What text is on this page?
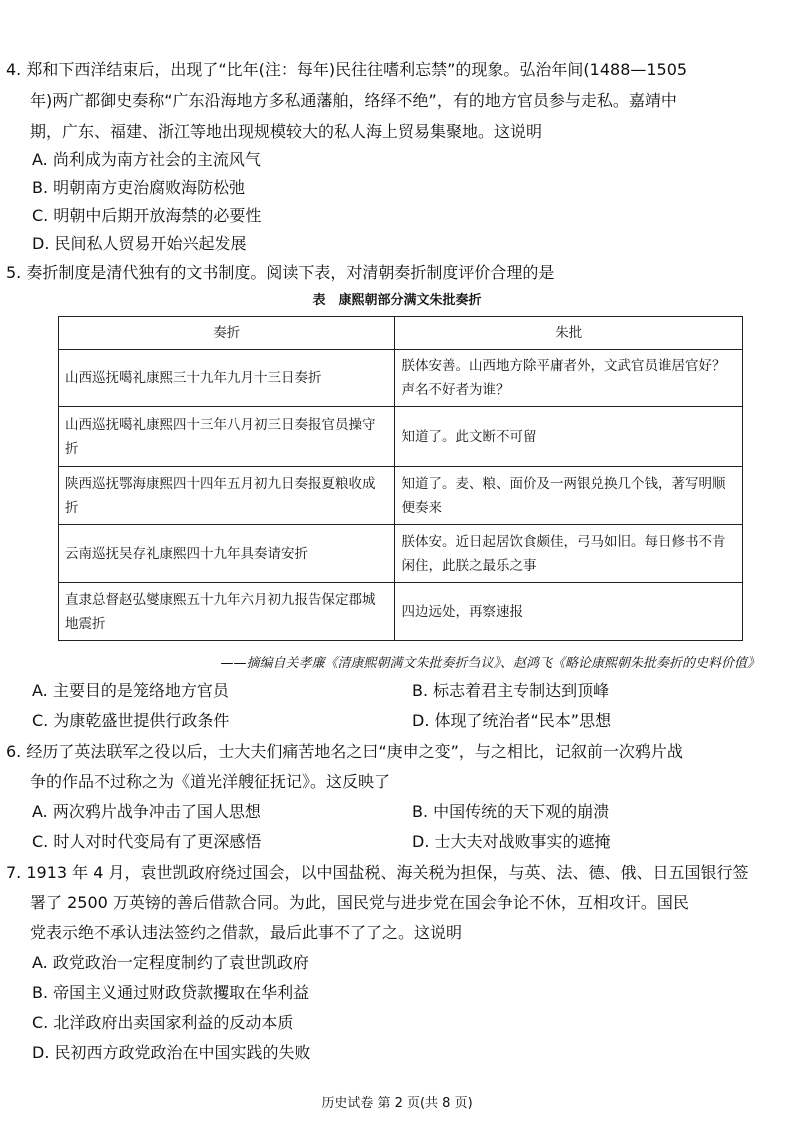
4. 郑和下西洋结束后，出现了“比年(注：每年)民往往嗜利忘禁”的现象。弘治年间(1488—1505

年)两广都御史奏称“广东沿海地方多私通藩舶，络绎不绝”，有的地方官员参与走私。嘉靖中

期，广东、福建、浙江等地出现规模较大的私人海上贸易集聚地。这说明

A. 尚利成为南方社会的主流风气
B. 明朝南方吏治腐败海防松弛
C. 明朝中后期开放海禁的必要性
D. 民间私人贸易开始兴起发展

5. 奏折制度是清代独有的文书制度。阅读下表，对清朝奏折制度评价合理的是

表　康熙朝部分满文朱批奏折
奏折	朱批
山西巡抚噶礼康熙三十九年九月十三日奏折	朕体安善。山西地方除平庸者外，文武官员谁居官好？声名不好者为谁？
山西巡抚噶礼康熙四十三年八月初三日奏报官员操守折	知道了。此文断不可留
陕西巡抚鄂海康熙四十四年五月初九日奏报夏粮收成折	知道了。麦、粮、面价及一两银兑换几个钱，著写明顺便奏来
云南巡抚吴存礼康熙四十九年具奏请安折	朕体安。近日起居饮食颇佳，弓马如旧。每日修书不肯闲住，此朕之最乐之事
直隶总督赵弘燮康熙五十九年六月初九报告保定郡城地震折	四边远处，再察速报
——摘编自关孝廉《清康熙朝满文朱批奏折刍议》、赵鸿飞《略论康熙朝朱批奏折的史料价值》
A. 主要目的是笼络地方官员	B. 标志着君主专制达到顶峰
C. 为康乾盛世提供行政条件	D. 体现了统治者“民本”思想

6. 经历了英法联军之役以后，士大夫们痛苦地名之曰“庚申之变”，与之相比，记叙前一次鸦片战

争的作品不过称之为《道光洋艘征抚记》。这反映了

A. 两次鸦片战争冲击了国人思想	B. 中国传统的天下观的崩溃
C. 时人对时代变局有了更深感悟	D. 士大夫对战败事实的遮掩

7. 1913 年 4 月，袁世凯政府绕过国会，以中国盐税、海关税为担保，与英、法、德、俄、日五国银行签

署了 2500 万英镑的善后借款合同。为此，国民党与进步党在国会争论不休，互相攻讦。国民

党表示绝不承认违法签约之借款，最后此事不了了之。这说明

A. 政党政治一定程度制约了袁世凯政府
B. 帝国主义通过财政贷款攫取在华利益
C. 北洋政府出卖国家利益的反动本质
D. 民初西方政党政治在中国实践的失败
历史试卷 第 2 页(共 8 页)
